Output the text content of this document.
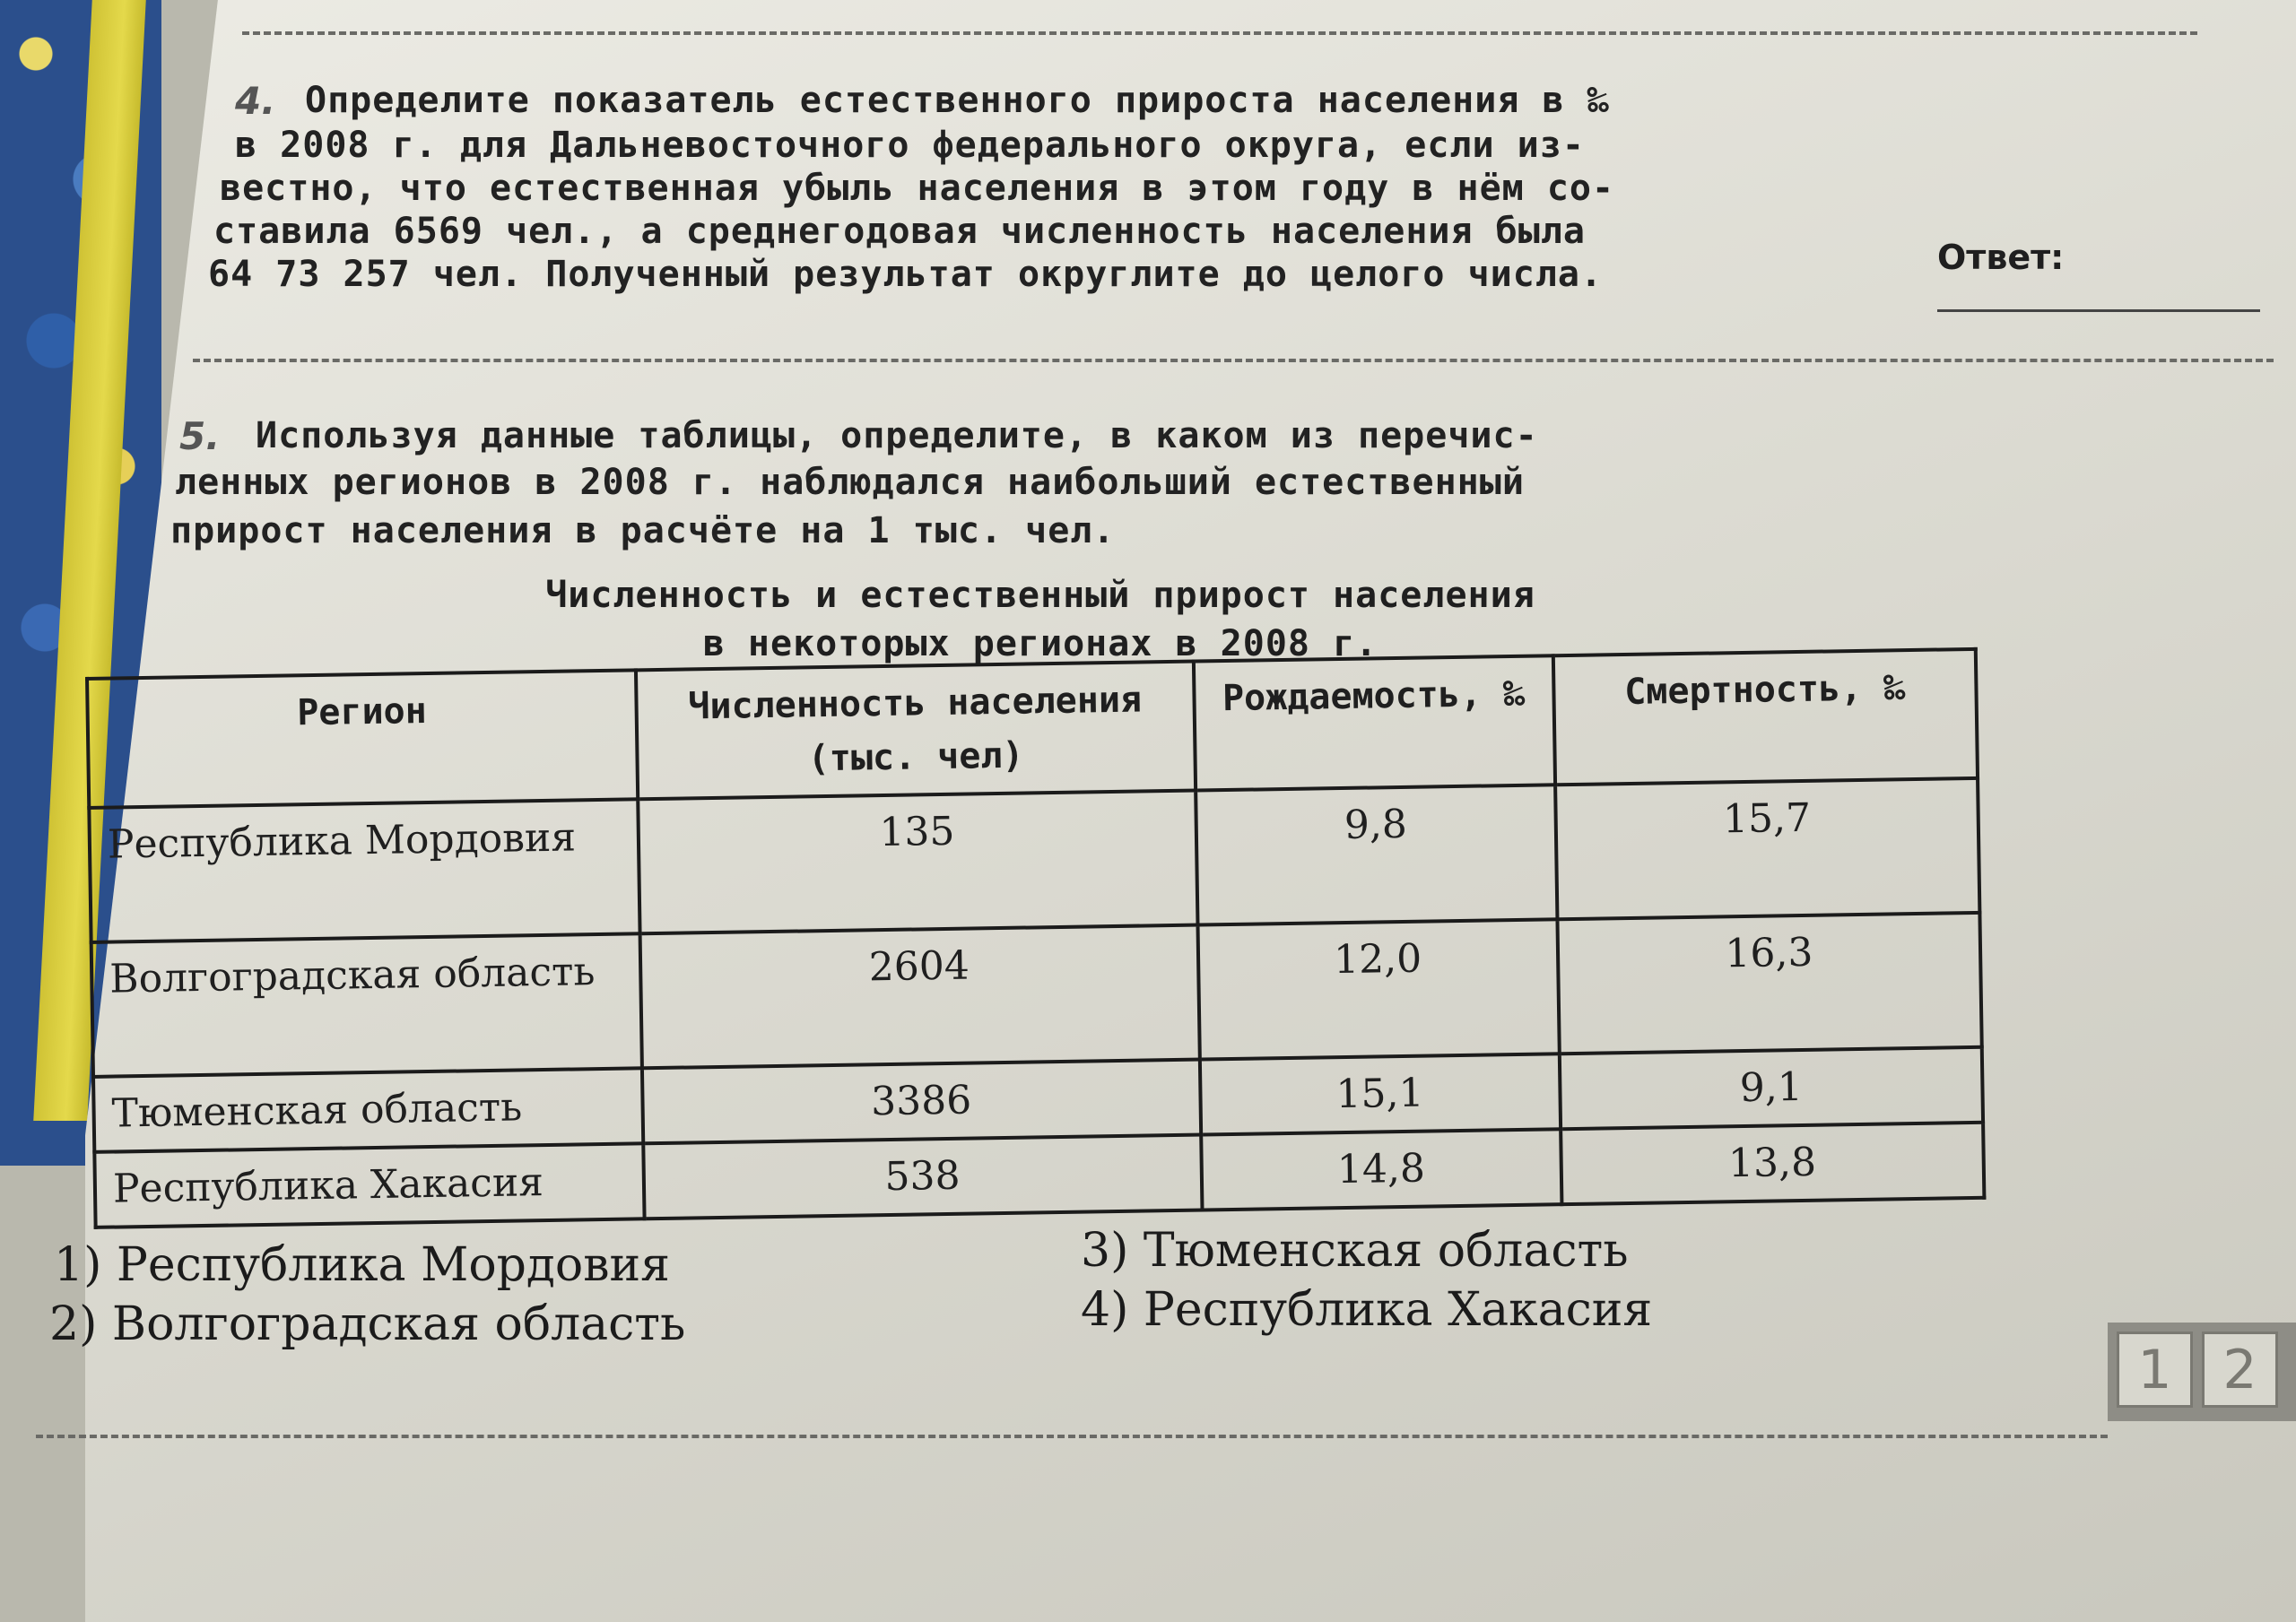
4. Определите показатель естественного прироста населения в ‰
в 2008 г. для Дальневосточного федерального округа, если из-
вестно, что естественная убыль населения в этом году в нём со-
ставила 6569 чел., а среднегодовая численность населения была
64 73 257 чел. Полученный результат округлите до целого числа.	Ответ:
5. Используя данные таблицы, определите, в каком из перечис-
ленных регионов в 2008 г. наблюдался наибольший естественный
прирост населения в расчёте на 1 тыс. чел.
Численность и естественный прирост населения
в некоторых регионах в 2008 г.
Регион	Численность населения (тыс. чел)	Рождаемость, ‰	Смертность, ‰
Республика Мордовия	135	9,8	15,7
Волгоградская область	2604	12,0	16,3
Тюменская область	3386	15,1	9,1
Республика Хакасия	538	14,8	13,8
1) Республика Мордовия
2) Волгоградская область
3) Тюменская область
4) Республика Хакасия
1 2
